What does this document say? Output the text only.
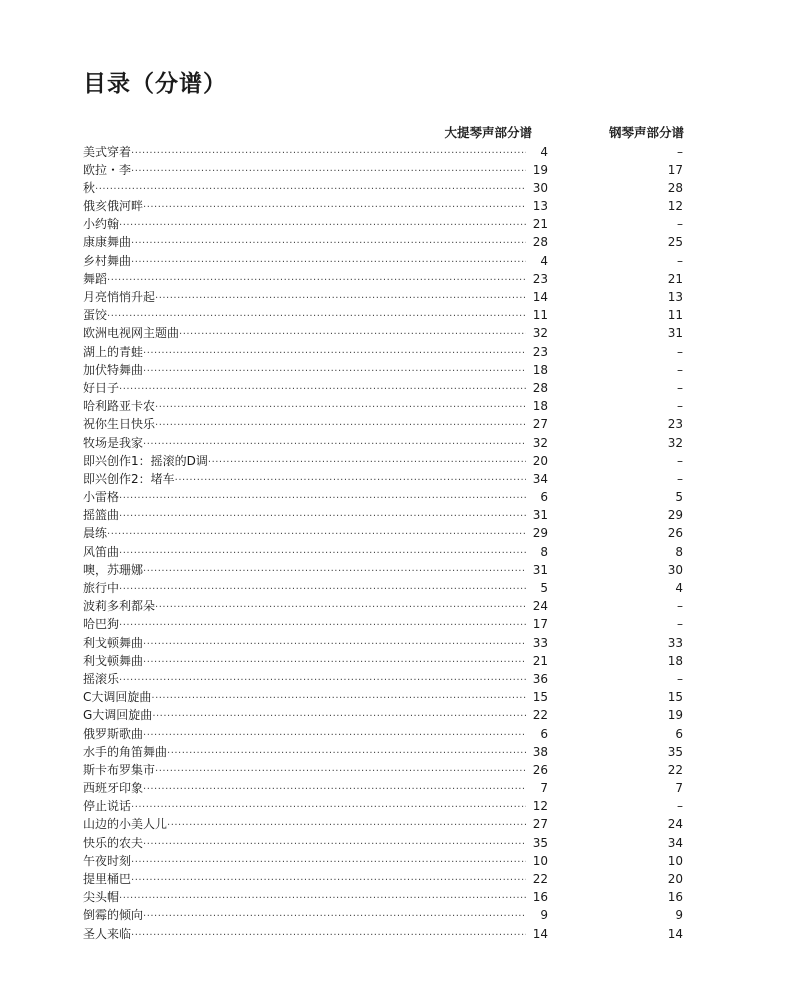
目录（分谱）
大提琴声部分谱	钢琴声部分谱
美式穿着 ·····	4	–
欧拉・李 ·····	19	17
秋 ·····	30	28
俄亥俄河畔 ·····	13	12
小约翰 ·····	21	–
康康舞曲 ·····	28	25
乡村舞曲 ·····	4	–
舞蹈 ·····	23	21
月亮悄悄升起 ·····	14	13
蛋饺 ·····	11	11
欧洲电视网主题曲 ·····	32	31
湖上的青蛙 ·····	23	–
加伏特舞曲 ·····	18	–
好日子 ·····	28	–
哈利路亚卡农 ·····	18	–
祝你生日快乐 ·····	27	23
牧场是我家 ·····	32	32
即兴创作1：摇滚的D调 ·····	20	–
即兴创作2：堵车 ·····	34	–
小雷格 ·····	6	5
摇篮曲 ·····	31	29
晨练 ·····	29	26
风笛曲 ·····	8	8
噢，苏珊娜 ·····	31	30
旅行中 ·····	5	4
波莉多利都朵 ·····	24	–
哈巴狗 ·····	17	–
利戈顿舞曲 ·····	33	33
利戈顿舞曲 ·····	21	18
摇滚乐 ·····	36	–
C大调回旋曲 ·····	15	15
G大调回旋曲 ·····	22	19
俄罗斯歌曲 ·····	6	6
水手的角笛舞曲 ·····	38	35
斯卡布罗集市 ·····	26	22
西班牙印象 ·····	7	7
停止说话 ·····	12	–
山边的小美人儿 ·····	27	24
快乐的农夫 ·····	35	34
午夜时刻 ·····	10	10
提里桶巴 ·····	22	20
尖头帽 ·····	16	16
倒霉的倾向 ·····	9	9
圣人来临 ·····	14	14
